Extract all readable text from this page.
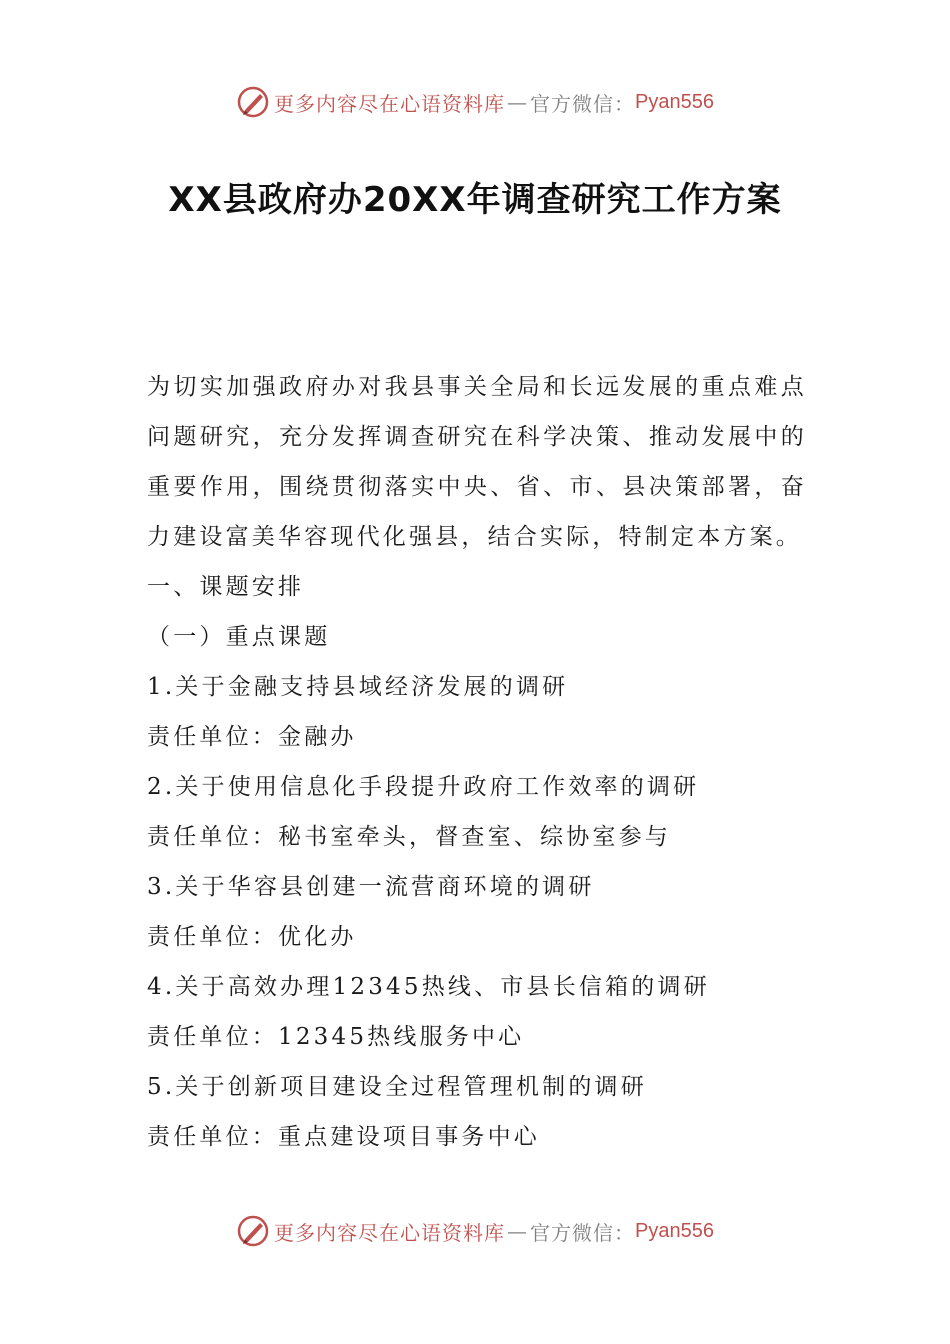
更多内容尽在心语资料库 — 官方微信： Pyan556
XX县政府办20XX年调查研究工作方案

为切实加强政府办对我县事关全局和长远发展的重点难点问题研究，充分发挥调查研究在科学决策、推动发展中的重要作用，围绕贯彻落实中央、省、市、县决策部署，奋力建设富美华容现代化强县，结合实际，特制定本方案。

一、课题安排

（一）重点课题

1.关于金融支持县域经济发展的调研

责任单位：金融办

2.关于使用信息化手段提升政府工作效率的调研

责任单位：秘书室牵头，督查室、综协室参与

3.关于华容县创建一流营商环境的调研

责任单位：优化办

4.关于高效办理12345热线、市县长信箱的调研

责任单位：12345热线服务中心

5.关于创新项目建设全过程管理机制的调研

责任单位：重点建设项目事务中心

更多内容尽在心语资料库 — 官方微信： Pyan556
